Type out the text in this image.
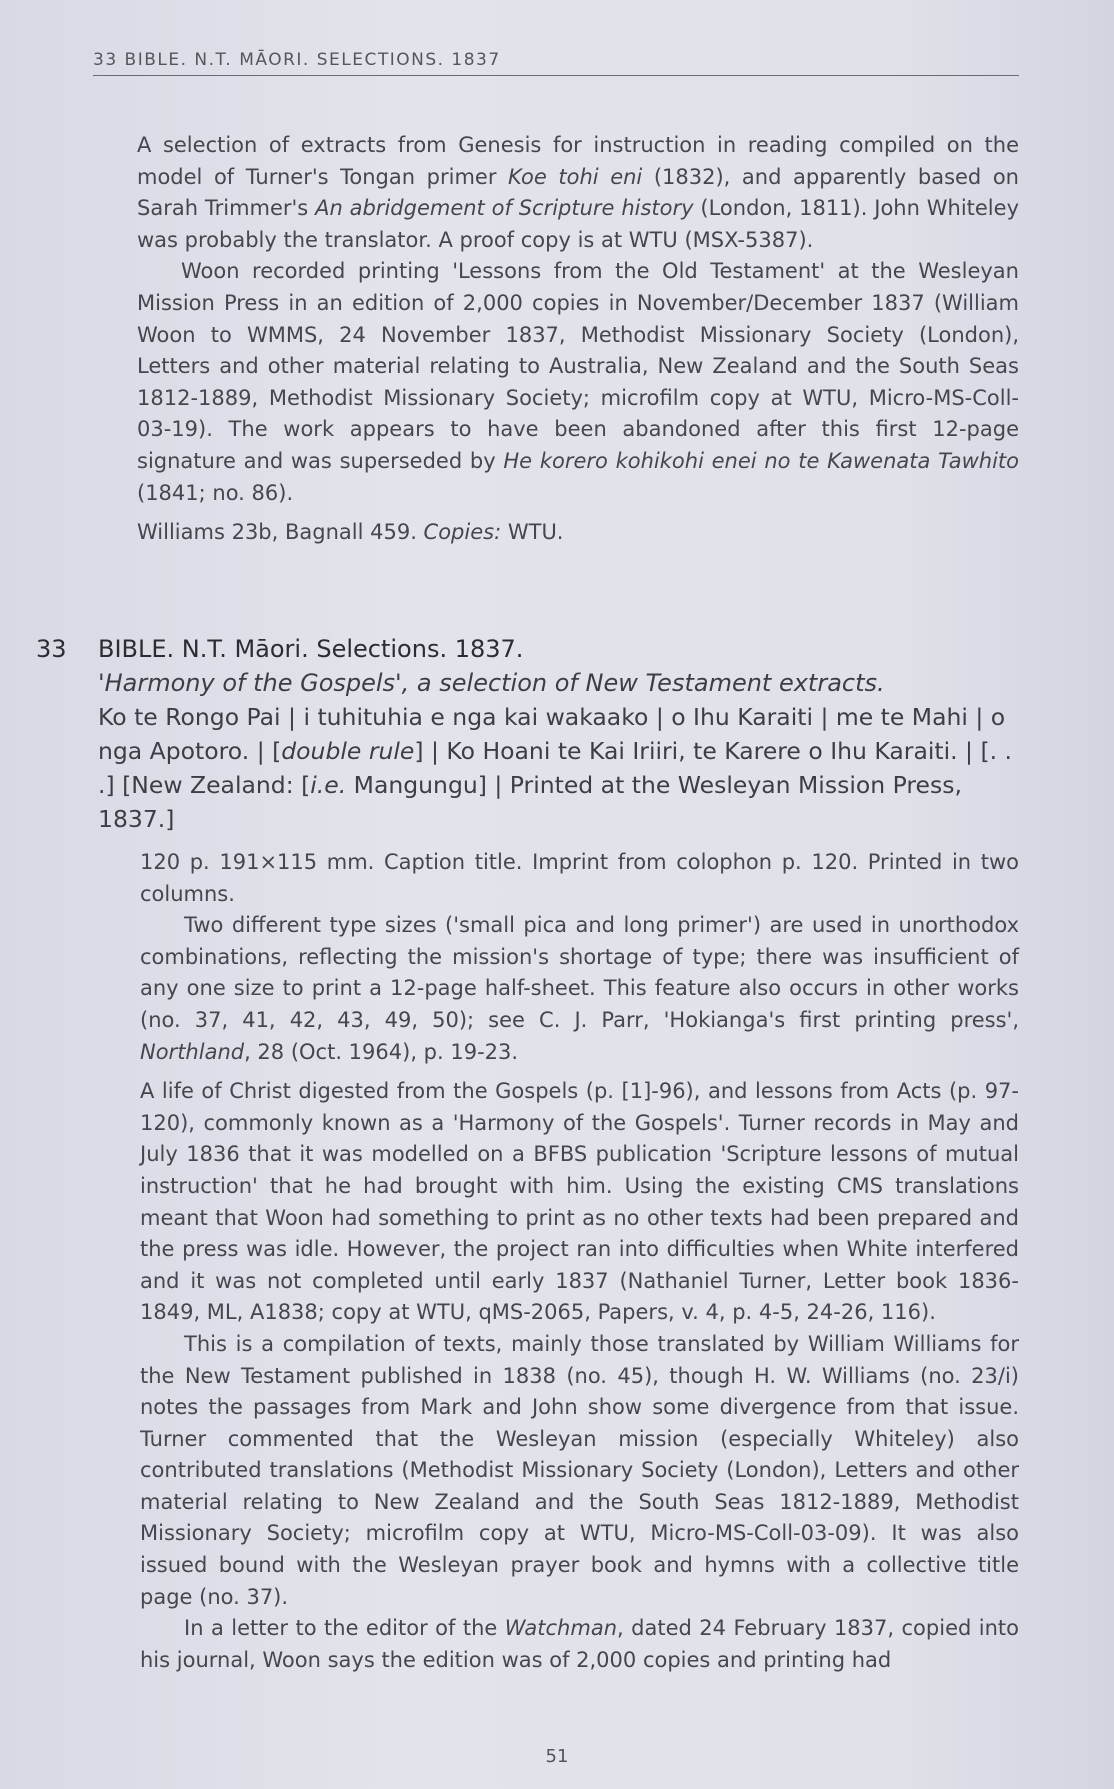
33 BIBLE. N.T. MĀORI. SELECTIONS. 1837

A selection of extracts from Genesis for instruction in reading compiled on the model of Turner's Tongan primer Koe tohi eni (1832), and apparently based on Sarah Trimmer's An abridgement of Scripture history (London, 1811). John Whiteley was probably the translator. A proof copy is at WTU (MSX-5387).

Woon recorded printing 'Lessons from the Old Testament' at the Wesleyan Mission Press in an edition of 2,000 copies in November/December 1837 (William Woon to WMMS, 24 November 1837, Methodist Missionary Society (London), Letters and other material relating to Australia, New Zealand and the South Seas 1812-1889, Methodist Missionary Society; microfilm copy at WTU, Micro-MS-Coll-03-19). The work appears to have been abandoned after this first 12-page signature and was superseded by He korero kohikohi enei no te Kawenata Tawhito (1841; no. 86).

Williams 23b, Bagnall 459. Copies: WTU.

33 BIBLE. N.T. Māori. Selections. 1837.
'Harmony of the Gospels', a selection of New Testament extracts.
Ko te Rongo Pai | i tuhituhia e nga kai wakaako | o Ihu Karaiti | me te Mahi | o nga Apotoro. | [double rule] | Ko Hoani te Kai Iriiri, te Karere o Ihu Karaiti. | [. . .] [New Zealand: [i.e. Mangungu] | Printed at the Wesleyan Mission Press, 1837.]

120 p. 191×115 mm. Caption title. Imprint from colophon p. 120. Printed in two columns.

Two different type sizes ('small pica and long primer') are used in unorthodox combinations, reflecting the mission's shortage of type; there was insufficient of any one size to print a 12-page half-sheet. This feature also occurs in other works (no. 37, 41, 42, 43, 49, 50); see C. J. Parr, 'Hokianga's first printing press', Northland, 28 (Oct. 1964), p. 19-23.

A life of Christ digested from the Gospels (p. [1]-96), and lessons from Acts (p. 97-120), commonly known as a 'Harmony of the Gospels'. Turner records in May and July 1836 that it was modelled on a BFBS publication 'Scripture lessons of mutual instruction' that he had brought with him. Using the existing CMS translations meant that Woon had something to print as no other texts had been prepared and the press was idle. However, the project ran into difficulties when White interfered and it was not completed until early 1837 (Nathaniel Turner, Letter book 1836-1849, ML, A1838; copy at WTU, qMS-2065, Papers, v. 4, p. 4-5, 24-26, 116).

This is a compilation of texts, mainly those translated by William Williams for the New Testament published in 1838 (no. 45), though H. W. Williams (no. 23/i) notes the passages from Mark and John show some divergence from that issue. Turner commented that the Wesleyan mission (especially Whiteley) also contributed translations (Methodist Missionary Society (London), Letters and other material relating to New Zealand and the South Seas 1812-1889, Methodist Missionary Society; microfilm copy at WTU, Micro-MS-Coll-03-09). It was also issued bound with the Wesleyan prayer book and hymns with a collective title page (no. 37).

In a letter to the editor of the Watchman, dated 24 February 1837, copied into his journal, Woon says the edition was of 2,000 copies and printing had

51
